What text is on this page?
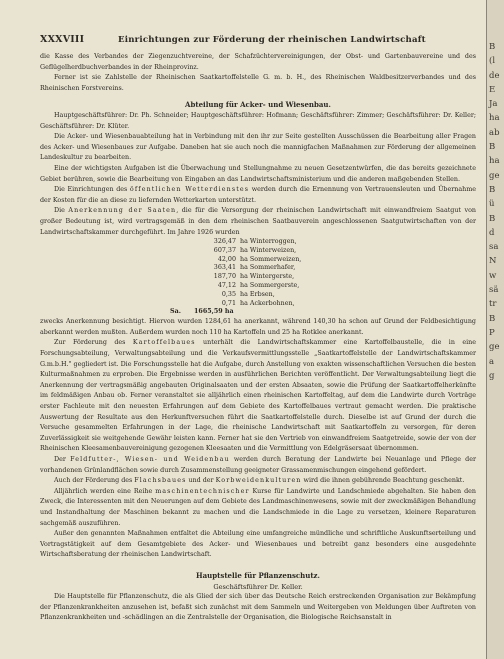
XXXVIII	Einrichtungen zur Förderung der rheinischen Landwirtschaft

die Kasse des Verbandes der Ziegenzuchtvereine, der Schafzüchtervereinigungen, der Obst- und Gartenbauvereine und des Geflügelherdbuchverbandes in der Rheinprovinz.

Ferner ist sie Zahlstelle der Rheinischen Saatkartoffelstelle G. m. b. H., des Rheinischen Waldbesitzerverbandes und des Rheinischen Forstvereins.

Abteilung für Acker- und Wiesenbau.

Hauptgeschäftsführer: Dr. Ph. Schneider; Hauptgeschäftsführer: Hofmann; Geschäftsführer: Zimmer; Geschäftsführer: Dr. Keller; Geschäftsführer: Dr. Klüter.

Die Acker- und Wiesenbauabteilung hat in Verbindung mit den ihr zur Seite gestellten Ausschüssen die Bearbeitung aller Fragen des Acker- und Wiesenbaues zur Aufgabe. Daneben hat sie auch noch die mannigfachen Maßnahmen zur Förderung der allgemeinen Landeskultur zu bearbeiten.

Eine der wichtigsten Aufgaben ist die Überwachung und Stellungnahme zu neuen Gesetzentwürfen, die das bereits gezeichnete Gebiet berühren, sowie die Bearbeitung von Eingaben an das Landwirtschaftsministerium und die anderen maßgebenden Stellen.

Die Einrichtungen des öffentlichen Wetterdienstes werden durch die Ernennung von Vertrauensleuten und Übernahme der Kosten für die an diese zu liefernden Wetterkarten unterstützt.

Die Anerkennung der Saaten, die für die Versorgung der rheinischen Landwirtschaft mit einwandfreiem Saatgut von großer Bedeutung ist, wird vertragsgemäß in den dem rheinischen Saatbauverein angeschlossenen Saatgutwirtschaften von der Landwirtschaftskammer durchgeführt. Im Jahre 1926 wurden

326,47 ha
Winterroggen,
607,37 ha
Winterweizen,
42,00 ha
Sommerweizen,
363,41 ha
Sommerhafer,
187,70 ha
Wintergerste,
47,12 ha
Sommergerste,
0,35 ha
Erbsen,
0,71 ha
Ackerbohnen,
Sa.	1665,59 ha

zwecks Anerkennung besichtigt. Hiervon wurden 1284,61 ha anerkannt, während 140,30 ha schon auf Grund der Feldbesichtigung aberkannt werden mußten. Außerdem wurden noch 110 ha Kartoffeln und 25 ha Rotklee anerkannt.

Zur Förderung des Kartoffelbaues unterhält die Landwirtschaftskammer eine Kartoffelbaustelle, die in eine Forschungsabteilung, Verwaltungsabteilung und die Verkaufsvermittlungsstelle „Saatkartoffelstelle der Landwirtschaftskammer G.m.b.H." gegliedert ist. Die Forschungsstelle hat die Aufgabe, durch Anstellung von exakten wissenschaftlichen Versuchen die besten Kulturmaßnahmen zu erproben. Die Ergebnisse werden in ausführlichen Berichten veröffentlicht. Der Verwaltungsabteilung liegt die Anerkennung der vertragsmäßig angebauten Originalsaaten und der ersten Absaaten, sowie die Prüfung der Saatkartoffelherkünfte im feldmäßigen Anbau ob. Ferner veranstaltet sie alljährlich einen rheinischen Kartoffeltag, auf dem die Landwirte durch Vorträge erster Fachleute mit den neuesten Erfahrungen auf dem Gebiete des Kartoffelbaues vertraut gemacht werden. Die praktische Auswertung der Resultate aus den Herkunftversuchen führt die Saatkartoffelstelle durch. Dieselbe ist auf Grund der durch die Versuche gesammelten Erfahrungen in der Lage, die rheinische Landwirtschaft mit Saatkartoffeln zu versorgen, für deren Zuverlässigkeit sie weitgehende Gewähr leisten kann. Ferner hat sie den Vertrieb von einwandfreiem Saatgetreide, sowie der von der Rheinischen Kleesamenbauvereinigung gezogenen Kleesaaten und die Vermittlung von Edelgräsersaat übernommen.

Der Feldfutter-, Wiesen- und Weidenbau werden durch Beratung der Landwirte bei Neuanlage und Pflege der vorhandenen Grünlandflächen sowie durch Zusammenstellung geeigneter Grassamenmischungen eingehend gefördert.

Auch der Förderung des Flachsbaues und der Korbweidenkulturen wird die ihnen gebührende Beachtung geschenkt.

Alljährlich werden eine Reihe maschinentechnischer Kurse für Landwirte und Landschmiede abgehalten. Sie haben den Zweck, die Interessenten mit den Neuerungen auf dem Gebiete des Landmaschinenwesens, sowie mit der zweckmäßigen Behandlung und Instandhaltung der Maschinen bekannt zu machen und die Landschmiede in die Lage zu versetzen, kleinere Reparaturen sachgemäß auszuführen.

Außer den genannten Maßnahmen entfaltet die Abteilung eine umfangreiche mündliche und schriftliche Auskunftserteilung und Vortragstätigkeit auf dem Gesamtgebiete des Acker- und Wiesenbaues und betreibt ganz besonders eine ausgedehnte Wirtschaftsberatung der rheinischen Landwirtschaft.

Hauptstelle für Pflanzenschutz.
Geschäftsführer Dr. Keller.

Die Hauptstelle für Pflanzenschutz, die als Glied der sich über das Deutsche Reich erstreckenden Organisation zur Bekämpfung der Pflanzenkrankheiten anzusehen ist, befaßt sich zunächst mit dem Sammeln und Weitergeben von Meldungen über Auftreten von Pflanzenkrankheiten und -schädlingen an die Zentralstelle der Organisation, die Biologische Reichsanstalt in

B
(l
de
E
Ja
ha
ab
B
ha
ge
B
ü
B
d
sa
N
w
sä
tr
B
P
ge
a
g
